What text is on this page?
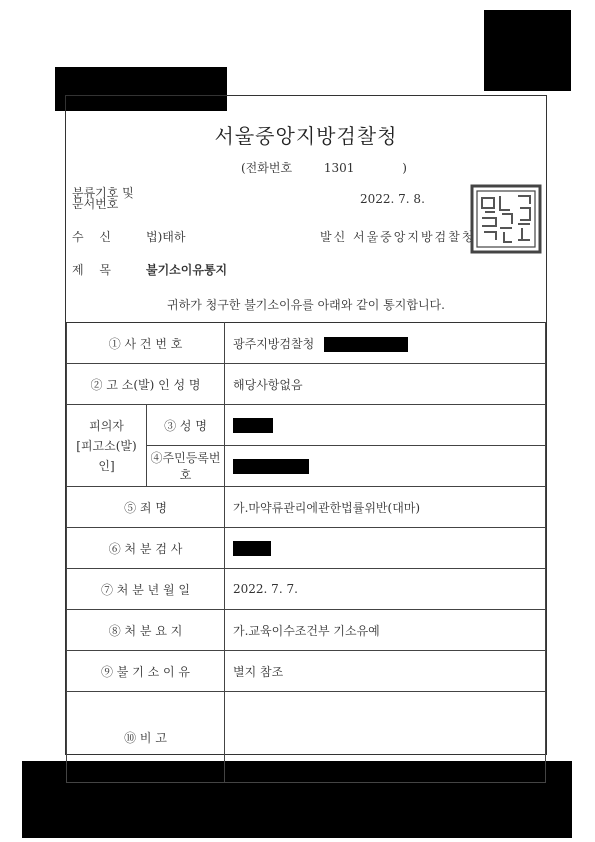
서울중앙지방검찰청
(전화번호	1301	)
분류기호 및
문서번호	2022. 7. 8.
수 신 법)태하	발신 서울중앙지방검찰청
제 목 불기소이유통지
귀하가 청구한 불기소이유를 아래와 같이 통지합니다.
① 사 건 번 호		광주지방검찰청
② 고 소(발) 인 성 명		해당사항없음

피의자
[피고소(발)인]	③ 성 명	
	④주민등록번호	
⑤ 죄 명		가.마약류관리에관한법률위반(대마)
⑥ 처 분 검 사		
⑦ 처 분 년 월 일		2022. 7. 7.
⑧ 처 분 요 지		가.교육이수조건부 기소유예
⑨ 불 기 소 이 유		별지 참조
⑩ 비 고		
